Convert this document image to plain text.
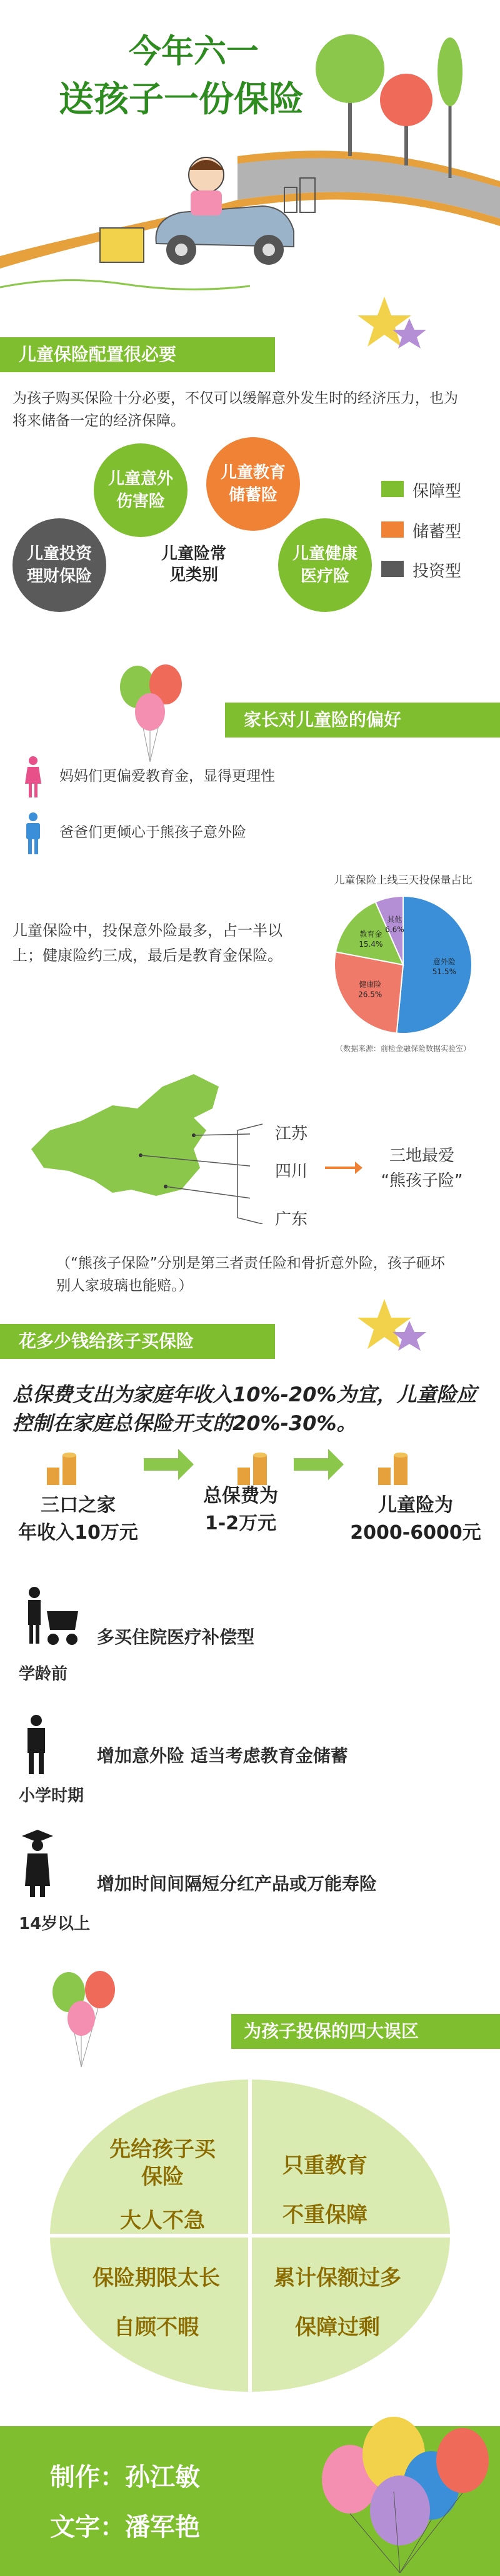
今年六一
送孩子一份保险
儿童保险配置很必要
为孩子购买保险十分必要，不仅可以缓解意外发生时的经济压力，也为将来储备一定的经济保障。
儿童意外伤害险
儿童教育储蓄险
儿童投资理财保险
儿童健康医疗险
儿童险常见类别
保障型
储蓄型
投资型
家长对儿童险的偏好
妈妈们更偏爱教育金，显得更理性
爸爸们更倾心于熊孩子意外险
儿童保险中，投保意外险最多，占一半以上；健康险约三成，最后是教育金保险。
儿童保险上线三天投保量占比
意外险
51.5%
健康险
26.5%
教育金
15.4%
其他
6.6%
（数据来源：前检金融保险数据实验室）
江苏
四川
广东
三地最爱
“熊孩子险”
（“熊孩子保险”分别是第三者责任险和骨折意外险，孩子砸坏别人家玻璃也能赔。）
花多少钱给孩子买保险
总保费支出为家庭年收入10%-20%为宜，儿童险应控制在家庭总保险开支的20%-30%。
三口之家
年收入10万元
总保费为
1-2万元
儿童险为
2000-6000元
多买住院医疗补偿型
学龄前
增加意外险 适当考虑教育金储蓄
小学时期
增加时间间隔短分红产品或万能寿险
14岁以上
为孩子投保的四大误区
先给孩子买保险
大人不急
只重教育
不重保障
保险期限太长
自顾不暇
累计保额过多
保障过剩
制作：孙江敏
文字：潘军艳
